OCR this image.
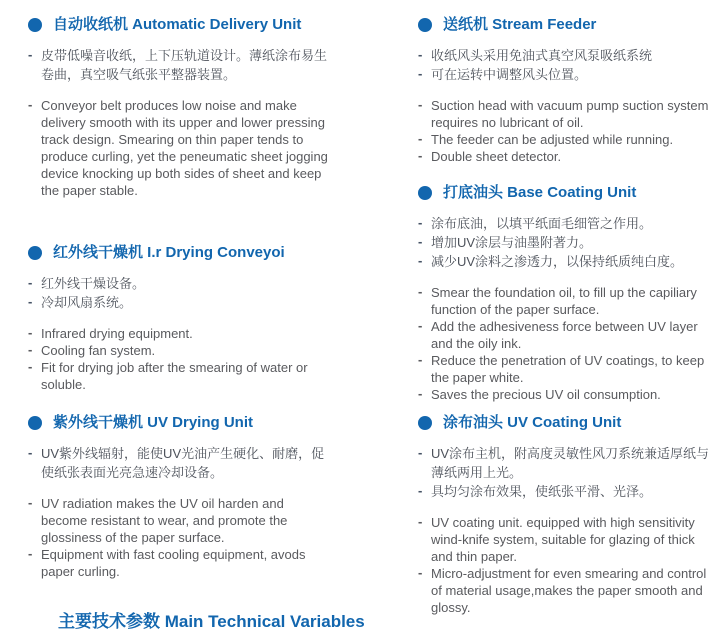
自动收纸机 Automatic Delivery Unit
- 皮带低噪音收纸，上下压轨道设计。薄纸涂布易生卷曲，真空吸气纸张平整器装置。
- Conveyor belt produces low noise and make delivery smooth with its upper and lower pressing track design. Smearing on thin paper tends to produce curling, yet the peneumatic sheet jogging device knocking up both sides of sheet and keep the paper stable.
红外线干燥机 I.r Drying Conveyoi
- 红外线干燥设备。
- 冷却风扇系统。
- Infrared drying equipment.
- Cooling fan system.
- Fit for drying job after the smearing of water or soluble.
紫外线干燥机 UV Drying Unit
- UV紫外线辐射，能使UV光油产生硬化、耐磨，促使纸张表面光亮急速冷却设备。
- UV radiation makes the UV oil harden and become resistant to wear, and promote the glossiness of the paper surface.
- Equipment with fast cooling equipment, avods paper curling.
送纸机 Stream Feeder
- 收纸风头采用免油式真空风泵吸纸系统
- 可在运转中调整风头位置。
- Suction head with vacuum pump suction system requires no lubricant of oil.
- The feeder can be adjusted while running.
- Double sheet detector.
打底油头 Base Coating Unit
- 涂布底油，以填平纸面毛细管之作用。
- 增加UV涂层与油墨附著力。
- 减少UV涂料之渗透力，以保持纸质纯白度。
- Smear the foundation oil, to fill up the capiliary function of the paper surface.
- Add the adhesiveness force between UV layer and the oily ink.
- Reduce the penetration of UV coatings, to keep the paper white.
- Saves the precious UV oil consumption.
涂布油头 UV Coating Unit
- UV涂布主机，附高度灵敏性风刀系统兼适厚纸与薄纸两用上光。
- 具均匀涂布效果，使纸张平滑、光泽。
- UV coating unit. equipped with high sensitivity wind-knife system, suitable for glazing of thick and thin paper.
- Micro-adjustment for even smearing and control of material usage,makes the paper smooth and glossy.
主要技术参数 Main Technical Variables
